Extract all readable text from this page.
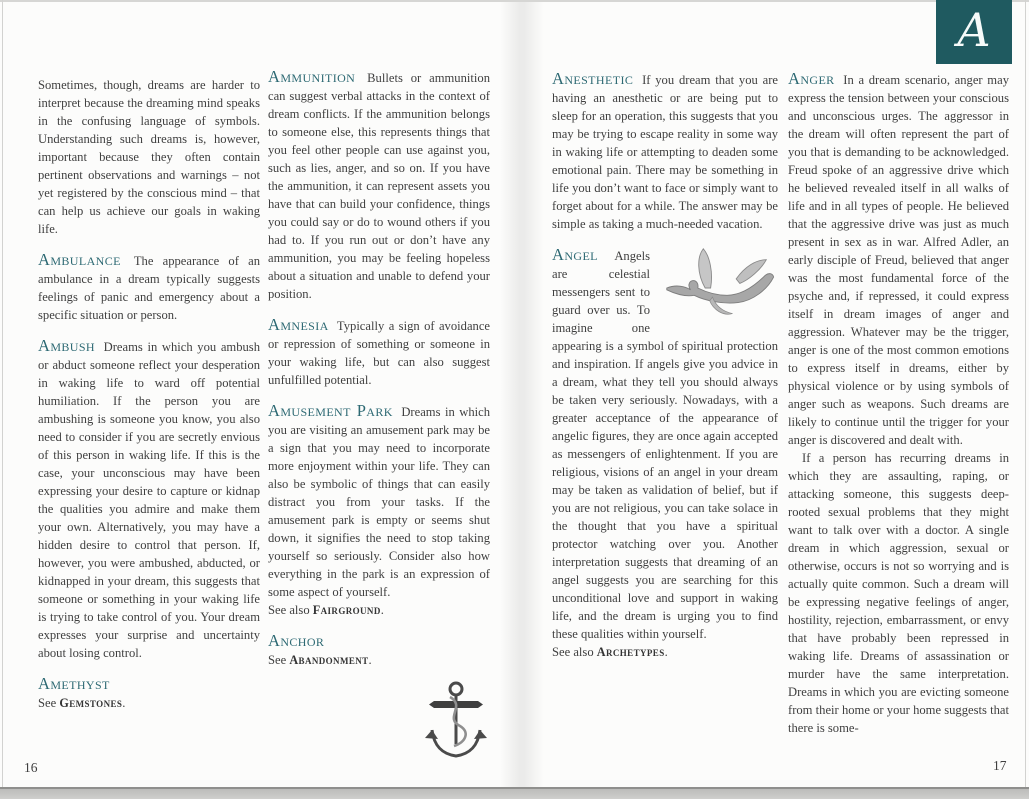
Sometimes, though, dreams are harder to interpret because the dreaming mind speaks in the confusing language of symbols. Understanding such dreams is, however, important because they often contain pertinent observations and warnings – not yet registered by the conscious mind – that can help us achieve our goals in waking life.

Ambulance The appearance of an ambulance in a dream typically suggests feelings of panic and emergency about a specific situation or person.

Ambush Dreams in which you ambush or abduct someone reflect your desperation in waking life to ward off potential humiliation. If the person you are ambushing is someone you know, you also need to consider if you are secretly envious of this person in waking life. If this is the case, your unconscious may have been expressing your desire to capture or kidnap the qualities you admire and make them your own. Alternatively, you may have a hidden desire to control that person. If, however, you were ambushed, abducted, or kidnapped in your dream, this suggests that someone or something in your waking life is trying to take control of you. Your dream expresses your surprise and uncertainty about losing control.

Amethyst
See Gemstones.

Ammunition Bullets or ammunition can suggest verbal attacks in the context of dream conflicts. If the ammunition belongs to someone else, this represents things that you feel other people can use against you, such as lies, anger, and so on. If you have the ammunition, it can represent assets you have that can build your confidence, things you could say or do to wound others if you had to. If you run out or don’t have any ammunition, you may be feeling hopeless about a situation and unable to defend your position.

Amnesia Typically a sign of avoidance or repression of something or someone in your waking life, but can also suggest unfulfilled potential.

Amusement Park Dreams in which you are visiting an amusement park may be a sign that you may need to incorporate more enjoyment within your life. They can also be symbolic of things that can easily distract you from your tasks. If the amusement park is empty or seems shut down, it signifies the need to stop taking yourself so seriously. Consider also how everything in the park is an expression of some aspect of yourself.

See also Fairground.
Anchor
See Abandonment.

Anesthetic If you dream that you are having an anesthetic or are being put to sleep for an operation, this suggests that you may be trying to escape reality in some way in waking life or attempting to deaden some emotional pain. There may be something in life you don’t want to face or simply want to forget about for a while. The answer may be simple as taking a much-needed vacation.

Angel Angels are celestial messengers sent to guard over us. To imagine one appearing is a symbol of spiritual protection and inspiration. If angels give you advice in a dream, what they tell you should always be taken very seriously. Nowadays, with a greater acceptance of the appearance of angelic figures, they are once again accepted as messengers of enlightenment. If you are religious, visions of an angel in your dream may be taken as validation of belief, but if you are not religious, you can take solace in the thought that you have a spiritual protector watching over you. Another interpretation suggests that dreaming of an angel suggests you are searching for this unconditional love and support in waking life, and the dream is urging you to find these qualities within yourself.

See also Archetypes.

Anger In a dream scenario, anger may express the tension between your conscious and unconscious urges. The aggressor in the dream will often represent the part of you that is demanding to be acknowledged. Freud spoke of an aggressive drive which he believed revealed itself in all walks of life and in all types of people. He believed that the aggressive drive was just as much present in sex as in war. Alfred Adler, an early disciple of Freud, believed that anger was the most fundamental force of the psyche and, if repressed, it could express itself in dream images of anger and aggression. Whatever may be the trigger, anger is one of the most common emotions to express itself in dreams, either by physical violence or by using symbols of anger such as weapons. Such dreams are likely to continue until the trigger for your anger is discovered and dealt with.

If a person has recurring dreams in which they are assaulting, raping, or attacking someone, this suggests deep-rooted sexual problems that they might want to talk over with a doctor. A single dream in which aggression, sexual or otherwise, occurs is not so worrying and is actually quite common. Such a dream will be expressing negative feelings of anger, hostility, rejection, embarrassment, or envy that have probably been repressed in waking life. Dreams of assassination or murder have the same interpretation. Dreams in which you are evicting someone from their home or your home suggests that there is some-

16	17
A
